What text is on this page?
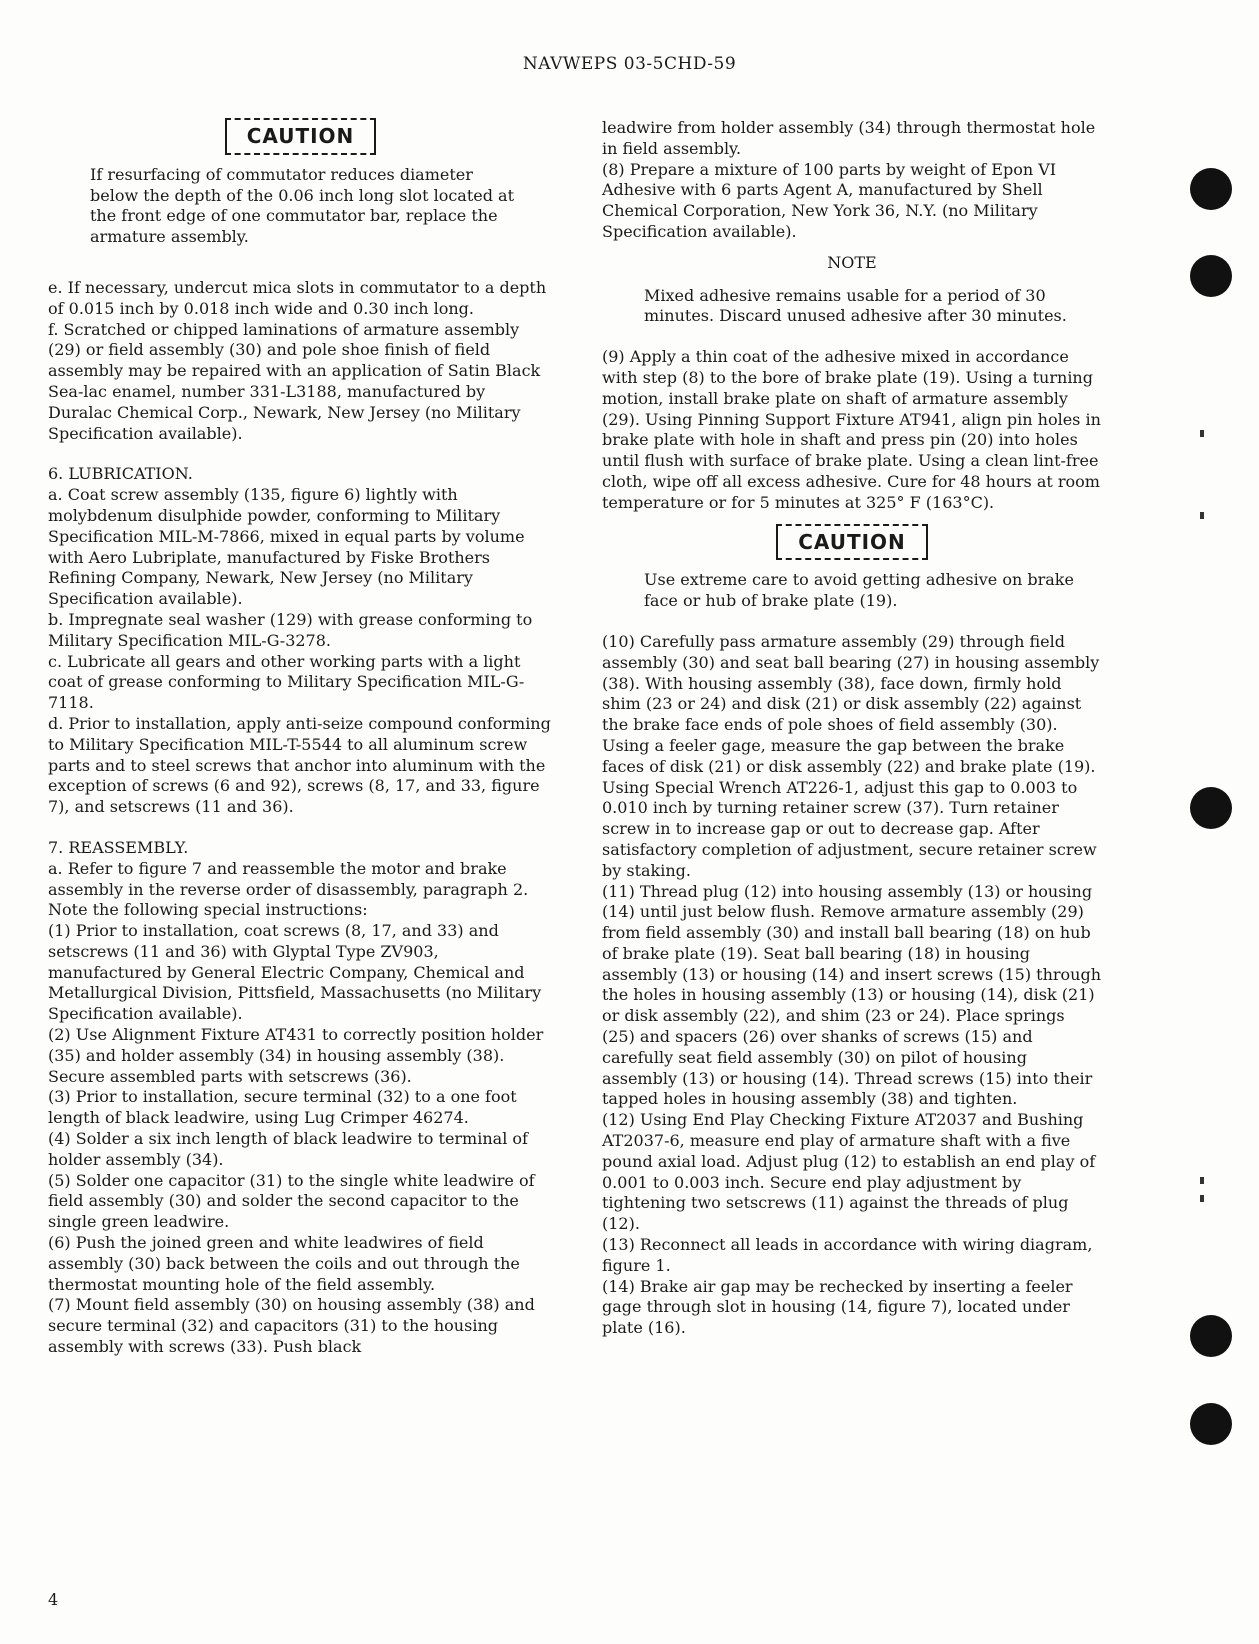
NAVWEPS 03-5CHD-59
CAUTION

If resurfacing of commutator reduces diameter below the depth of the 0.06 inch long slot located at the front edge of one commutator bar, replace the armature assembly.

e. If necessary, undercut mica slots in commutator to a depth of 0.015 inch by 0.018 inch wide and 0.30 inch long.

f. Scratched or chipped laminations of armature assembly (29) or field assembly (30) and pole shoe finish of field assembly may be repaired with an application of Satin Black Sea-lac enamel, number 331-L3188, manufactured by Duralac Chemical Corp., Newark, New Jersey (no Military Specification available).

6. LUBRICATION.

a. Coat screw assembly (135, figure 6) lightly with molybdenum disulphide powder, conforming to Military Specification MIL-M-7866, mixed in equal parts by volume with Aero Lubriplate, manufactured by Fiske Brothers Refining Company, Newark, New Jersey (no Military Specification available).

b. Impregnate seal washer (129) with grease conforming to Military Specification MIL-G-3278.

c. Lubricate all gears and other working parts with a light coat of grease conforming to Military Specification MIL-G-7118.

d. Prior to installation, apply anti-seize compound conforming to Military Specification MIL-T-5544 to all aluminum screw parts and to steel screws that anchor into aluminum with the exception of screws (6 and 92), screws (8, 17, and 33, figure 7), and setscrews (11 and 36).

7. REASSEMBLY.

a. Refer to figure 7 and reassemble the motor and brake assembly in the reverse order of disassembly, paragraph 2. Note the following special instructions:

(1) Prior to installation, coat screws (8, 17, and 33) and setscrews (11 and 36) with Glyptal Type ZV903, manufactured by General Electric Company, Chemical and Metallurgical Division, Pittsfield, Massachusetts (no Military Specification available).

(2) Use Alignment Fixture AT431 to correctly position holder (35) and holder assembly (34) in housing assembly (38). Secure assembled parts with setscrews (36).

(3) Prior to installation, secure terminal (32) to a one foot length of black leadwire, using Lug Crimper 46274.

(4) Solder a six inch length of black leadwire to terminal of holder assembly (34).

(5) Solder one capacitor (31) to the single white leadwire of field assembly (30) and solder the second capacitor to the single green leadwire.

(6) Push the joined green and white leadwires of field assembly (30) back between the coils and out through the thermostat mounting hole of the field assembly.

(7) Mount field assembly (30) on housing assembly (38) and secure terminal (32) and capacitors (31) to the housing assembly with screws (33). Push black

leadwire from holder assembly (34) through thermostat hole in field assembly.

(8) Prepare a mixture of 100 parts by weight of Epon VI Adhesive with 6 parts Agent A, manufactured by Shell Chemical Corporation, New York 36, N.Y. (no Military Specification available).

NOTE

Mixed adhesive remains usable for a period of 30 minutes. Discard unused adhesive after 30 minutes.

(9) Apply a thin coat of the adhesive mixed in accordance with step (8) to the bore of brake plate (19). Using a turning motion, install brake plate on shaft of armature assembly (29). Using Pinning Support Fixture AT941, align pin holes in brake plate with hole in shaft and press pin (20) into holes until flush with surface of brake plate. Using a clean lint-free cloth, wipe off all excess adhesive. Cure for 48 hours at room temperature or for 5 minutes at 325° F (163°C).

CAUTION

Use extreme care to avoid getting adhesive on brake face or hub of brake plate (19).

(10) Carefully pass armature assembly (29) through field assembly (30) and seat ball bearing (27) in housing assembly (38). With housing assembly (38), face down, firmly hold shim (23 or 24) and disk (21) or disk assembly (22) against the brake face ends of pole shoes of field assembly (30). Using a feeler gage, measure the gap between the brake faces of disk (21) or disk assembly (22) and brake plate (19). Using Special Wrench AT226-1, adjust this gap to 0.003 to 0.010 inch by turning retainer screw (37). Turn retainer screw in to increase gap or out to decrease gap. After satisfactory completion of adjustment, secure retainer screw by staking.

(11) Thread plug (12) into housing assembly (13) or housing (14) until just below flush. Remove armature assembly (29) from field assembly (30) and install ball bearing (18) on hub of brake plate (19). Seat ball bearing (18) in housing assembly (13) or housing (14) and insert screws (15) through the holes in housing assembly (13) or housing (14), disk (21) or disk assembly (22), and shim (23 or 24). Place springs (25) and spacers (26) over shanks of screws (15) and carefully seat field assembly (30) on pilot of housing assembly (13) or housing (14). Thread screws (15) into their tapped holes in housing assembly (38) and tighten.

(12) Using End Play Checking Fixture AT2037 and Bushing AT2037-6, measure end play of armature shaft with a five pound axial load. Adjust plug (12) to establish an end play of 0.001 to 0.003 inch. Secure end play adjustment by tightening two setscrews (11) against the threads of plug (12).

(13) Reconnect all leads in accordance with wiring diagram, figure 1.

(14) Brake air gap may be rechecked by inserting a feeler gage through slot in housing (14, figure 7), located under plate (16).

4
